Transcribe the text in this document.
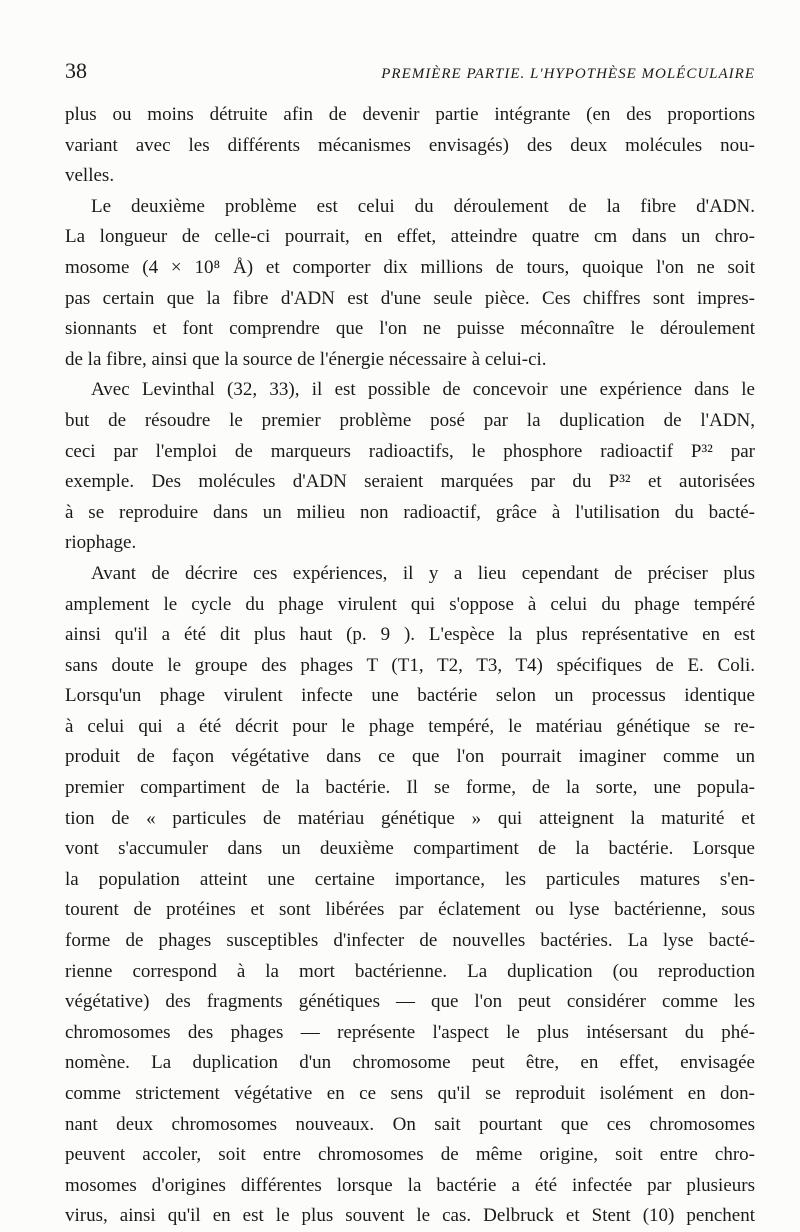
38	PREMIÈRE PARTIE. L'HYPOTHÈSE MOLÉCULAIRE
plus ou moins détruite afin de devenir partie intégrante (en des proportions
variant avec les différents mécanismes envisagés) des deux molécules nou-
velles.
Le deuxième problème est celui du déroulement de la fibre d'ADN.
La longueur de celle-ci pourrait, en effet, atteindre quatre cm dans un chro-
mosome (4 × 10⁸ Å) et comporter dix millions de tours, quoique l'on ne soit
pas certain que la fibre d'ADN est d'une seule pièce. Ces chiffres sont impres-
sionnants et font comprendre que l'on ne puisse méconnaître le déroulement
de la fibre, ainsi que la source de l'énergie nécessaire à celui-ci.
Avec Levinthal (32, 33), il est possible de concevoir une expérience dans le
but de résoudre le premier problème posé par la duplication de l'ADN,
ceci par l'emploi de marqueurs radioactifs, le phosphore radioactif P³² par
exemple. Des molécules d'ADN seraient marquées par du P³² et autorisées
à se reproduire dans un milieu non radioactif, grâce à l'utilisation du bacté-
riophage.
Avant de décrire ces expériences, il y a lieu cependant de préciser plus
amplement le cycle du phage virulent qui s'oppose à celui du phage tempéré
ainsi qu'il a été dit plus haut (p. 9 ). L'espèce la plus représentative en est
sans doute le groupe des phages T (T1, T2, T3, T4) spécifiques de E. Coli.
Lorsqu'un phage virulent infecte une bactérie selon un processus identique
à celui qui a été décrit pour le phage tempéré, le matériau génétique se re-
produit de façon végétative dans ce que l'on pourrait imaginer comme un
premier compartiment de la bactérie. Il se forme, de la sorte, une popula-
tion de « particules de matériau génétique » qui atteignent la maturité et
vont s'accumuler dans un deuxième compartiment de la bactérie. Lorsque
la population atteint une certaine importance, les particules matures s'en-
tourent de protéines et sont libérées par éclatement ou lyse bactérienne, sous
forme de phages susceptibles d'infecter de nouvelles bactéries. La lyse bacté-
rienne correspond à la mort bactérienne. La duplication (ou reproduction
végétative) des fragments génétiques — que l'on peut considérer comme les
chromosomes des phages — représente l'aspect le plus intésersant du phé-
nomène. La duplication d'un chromosome peut être, en effet, envisagée
comme strictement végétative en ce sens qu'il se reproduit isolément en don-
nant deux chromosomes nouveaux. On sait pourtant que ces chromosomes
peuvent accoler, soit entre chromosomes de même origine, soit entre chro-
mosomes d'origines différentes lorsque la bactérie a été infectée par plusieurs
virus, ainsi qu'il en est le plus souvent le cas. Delbruck et Stent (10) penchent
